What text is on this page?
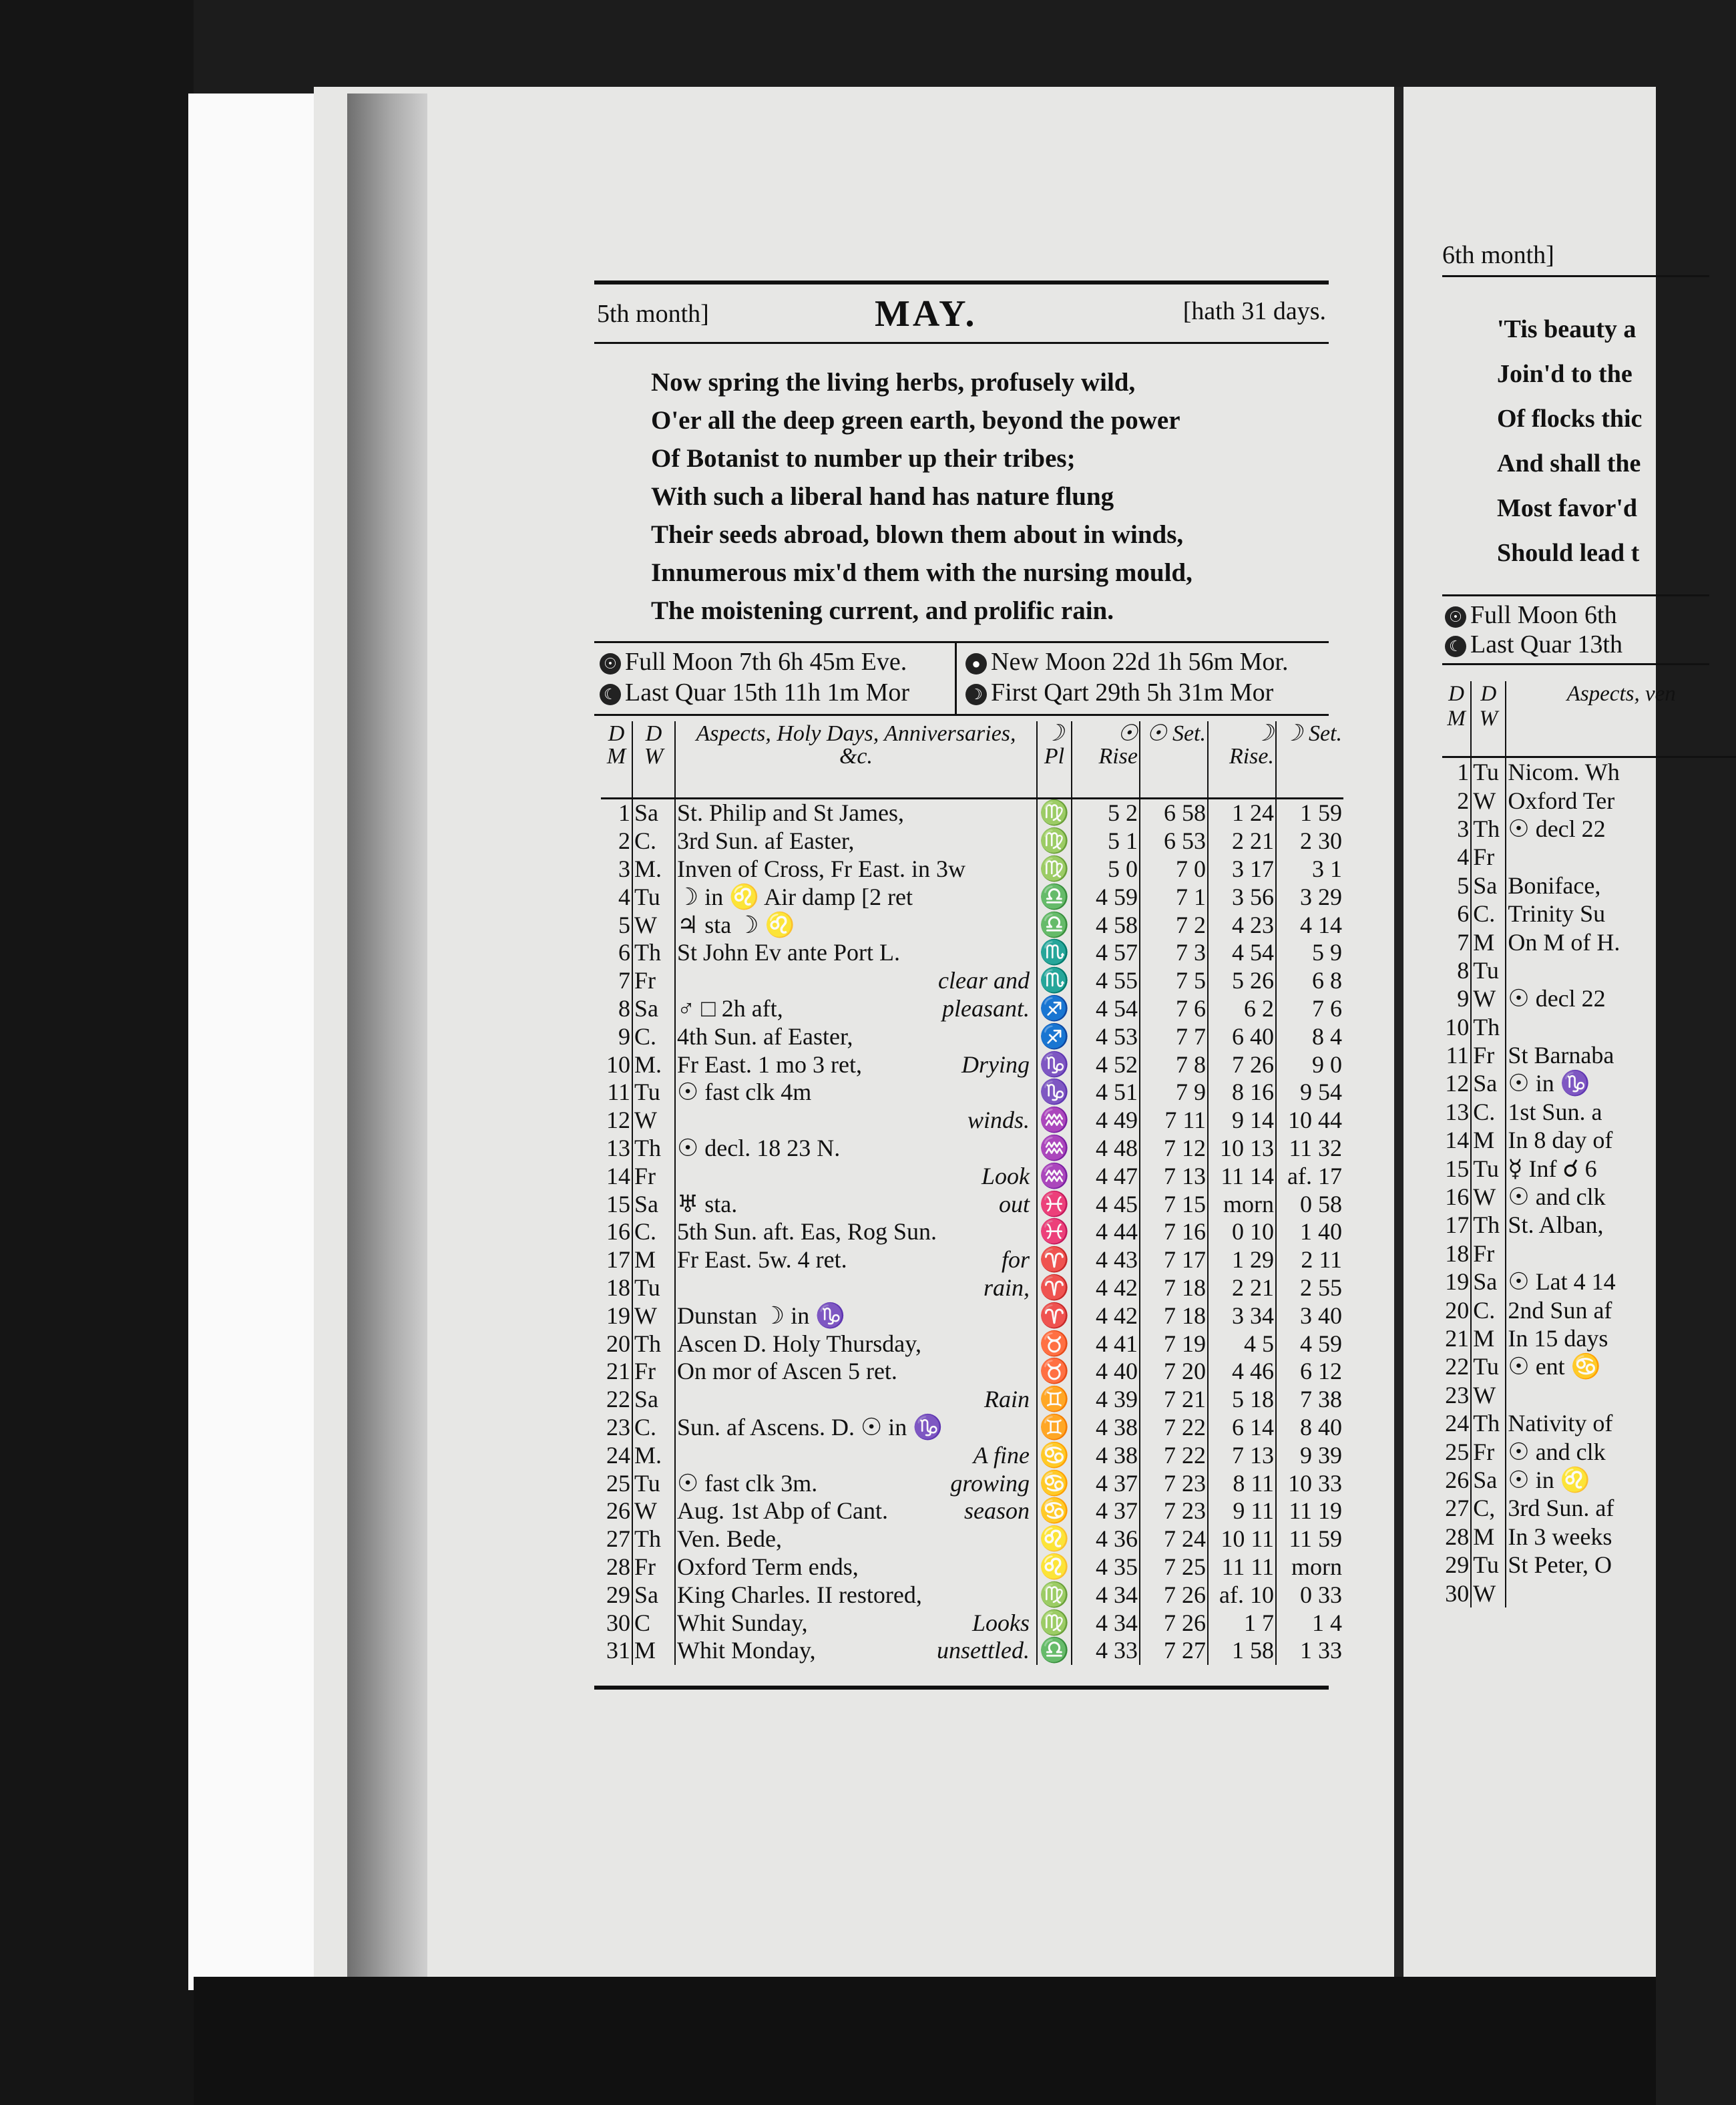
5th month]	MAY.	[hath 31 days.
Now spring the living herbs, profusely wild,
O'er all the deep green earth, beyond the power
Of Botanist to number up their tribes;
With such a liberal hand has nature flung
Their seeds abroad, blown them about in winds,
Innumerous mix'd them with the nursing mould,
The moistening current, and prolific rain.
☉ Full Moon 7th 6h 45m Eve.
☾ Last Quar 15th 11h 1m Mor
● New Moon 22d 1h 56m Mor.
☽ First Qart 29th 5h 31m Mor
D M	D W	Aspects, Holy Days, Anniversaries, &c.	☽ Pl	☉ Rise	☉ Set.	☽ Rise.	☽ Set.
1	Sa	St. Philip and St James,	♍	5 2	6 58	1 24	1 59
2	C.	3rd Sun. af Easter,	♍	5 1	6 53	2 21	2 30
3	M.	Inven of Cross, Fr East. in 3w	♍	5 0	7 0	3 17	3 1
4	Tu	☽ in ♌ Air damp [2 ret	♎	4 59	7 1	3 56	3 29
5	W	♃ sta ☽ ♌	♎	4 58	7 2	4 23	4 14
6	Th	St John Ev ante Port L.	♏	4 57	7 3	4 54	5 9
7	Fr	clear and	♏	4 55	7 5	5 26	6 8
8	Sa	♂ □ 2h aft, pleasant.	♐	4 54	7 6	6 2	7 6
9	C.	4th Sun. af Easter,	♐	4 53	7 7	6 40	8 4
10	M.	Fr East. 1 mo 3 ret, Drying	♑	4 52	7 8	7 26	9 0
11	Tu	☉ fast clk 4m	♑	4 51	7 9	8 16	9 54
12	W	winds.	♒	4 49	7 11	9 14	10 44
13	Th	☉ decl. 18 23 N.	♒	4 48	7 12	10 13	11 32
14	Fr	Look	♒	4 47	7 13	11 14	af. 17
15	Sa	♅ sta. out	♓	4 45	7 15	morn	0 58
16	C.	5th Sun. aft. Eas, Rog Sun.	♓	4 44	7 16	0 10	1 40
17	M	Fr East. 5w. 4 ret. for	♈	4 43	7 17	1 29	2 11
18	Tu	rain,	♈	4 42	7 18	2 21	2 55
19	W	Dunstan ☽ in ♑	♈	4 42	7 18	3 34	3 40
20	Th	Ascen D. Holy Thursday,	♉	4 41	7 19	4 5	4 59
21	Fr	On mor of Ascen 5 ret.	♉	4 40	7 20	4 46	6 12
22	Sa	Rain	♊	4 39	7 21	5 18	7 38
23	C.	Sun. af Ascens. D. ☉ in ♑	♊	4 38	7 22	6 14	8 40
24	M.	A fine	♋	4 38	7 22	7 13	9 39
25	Tu	☉ fast clk 3m. growing	♋	4 37	7 23	8 11	10 33
26	W	Aug. 1st Abp of Cant. season	♋	4 37	7 23	9 11	11 19
27	Th	Ven. Bede,	♌	4 36	7 24	10 11	11 59
28	Fr	Oxford Term ends,	♌	4 35	7 25	11 11	morn
29	Sa	King Charles. II restored,	♍	4 34	7 26	af. 10	0 33
30	C	Whit Sunday, Looks	♍	4 34	7 26	1 7	1 4
31	M	Whit Monday, unsettled.	♎	4 33	7 27	1 58	1 33
6th month]
'Tis beauty a
Join'd to the
Of flocks thic
And shall the
Most favor'd
Should lead t
☉ Full Moon 6th
☾ Last Quar 13th
D M	D W	Aspects, ven
1	Tu	Nicom. Wh
2	W	Oxford Ter
3	Th	☉ decl 22
4	Fr	
5	Sa	Boniface,
6	C.	Trinity Su
7	M	On M of H.
8	Tu	
9	W	☉ decl 22
10	Th	
11	Fr	St Barnaba
12	Sa	☉ in ♑
13	C.	1st Sun. a
14	M	In 8 day of
15	Tu	☿ Inf ☌ 6
16	W	☉ and clk
17	Th	St. Alban,
18	Fr	
19	Sa	☉ Lat 4 14
20	C.	2nd Sun af
21	M	In 15 days
22	Tu	☉ ent ♋
23	W	
24	Th	Nativity of
25	Fr	☉ and clk
26	Sa	☉ in ♌
27	C,	3rd Sun. af
28	M	In 3 weeks
29	Tu	St Peter, O
30	W	
